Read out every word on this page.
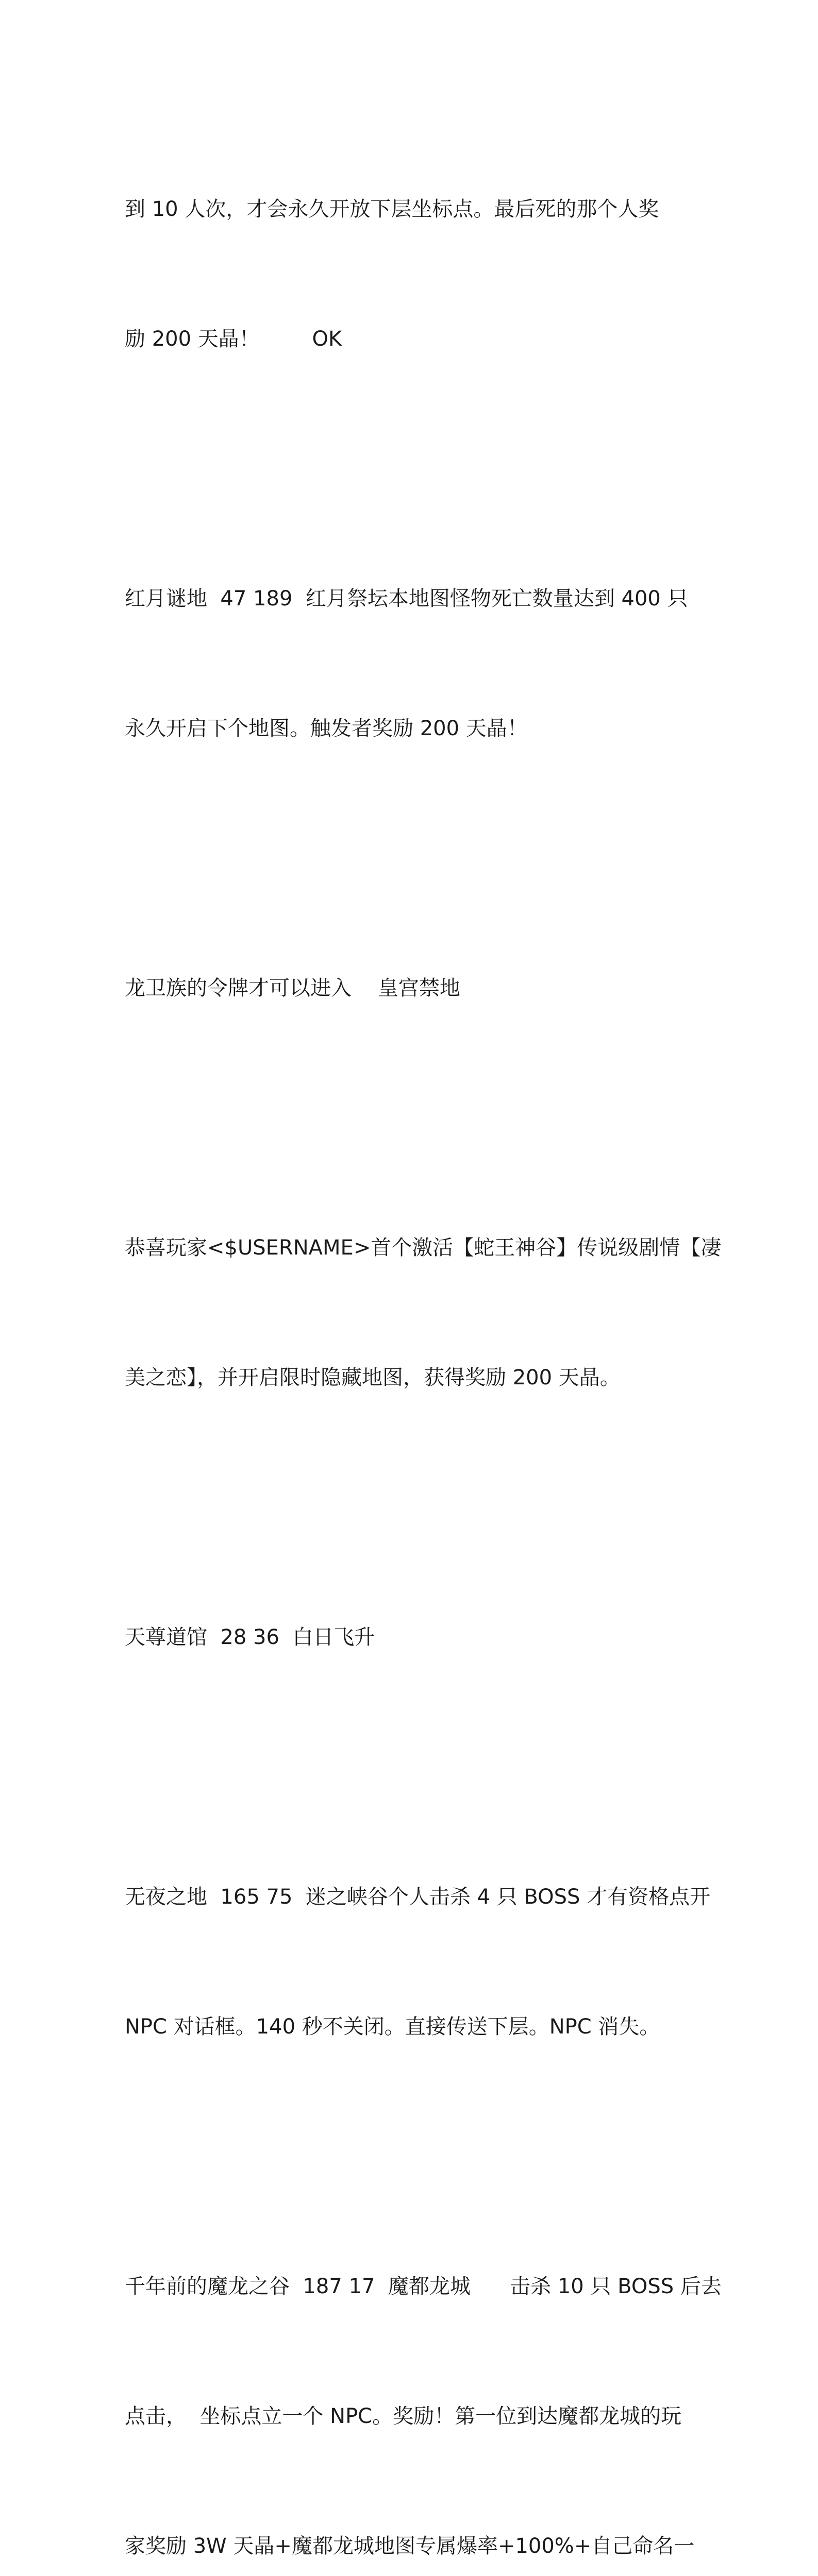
到 10 人次，才会永久开放下层坐标点。最后死的那个人奖

励 200 天晶！        OK

红月谜地  47 189  红月祭坛本地图怪物死亡数量达到 400 只

永久开启下个地图。触发者奖励 200 天晶！

龙卫族的令牌才可以进入    皇宫禁地

恭喜玩家<$USERNAME>首个激活【蛇王神谷】传说级剧情【凄

美之恋】，并开启限时隐藏地图，获得奖励 200 天晶。

天尊道馆  28 36  白日飞升

无夜之地  165 75  迷之峡谷个人击杀 4 只 BOSS 才有资格点开

NPC 对话框。140 秒不关闭。直接传送下层。NPC 消失。

千年前的魔龙之谷  187 17  魔都龙城      击杀 10 只 BOSS 后去

点击，  坐标点立一个 NPC。奖励！第一位到达魔都龙城的玩

家奖励 3W 天晶+魔都龙城地图专属爆率+100%+自己命名一
